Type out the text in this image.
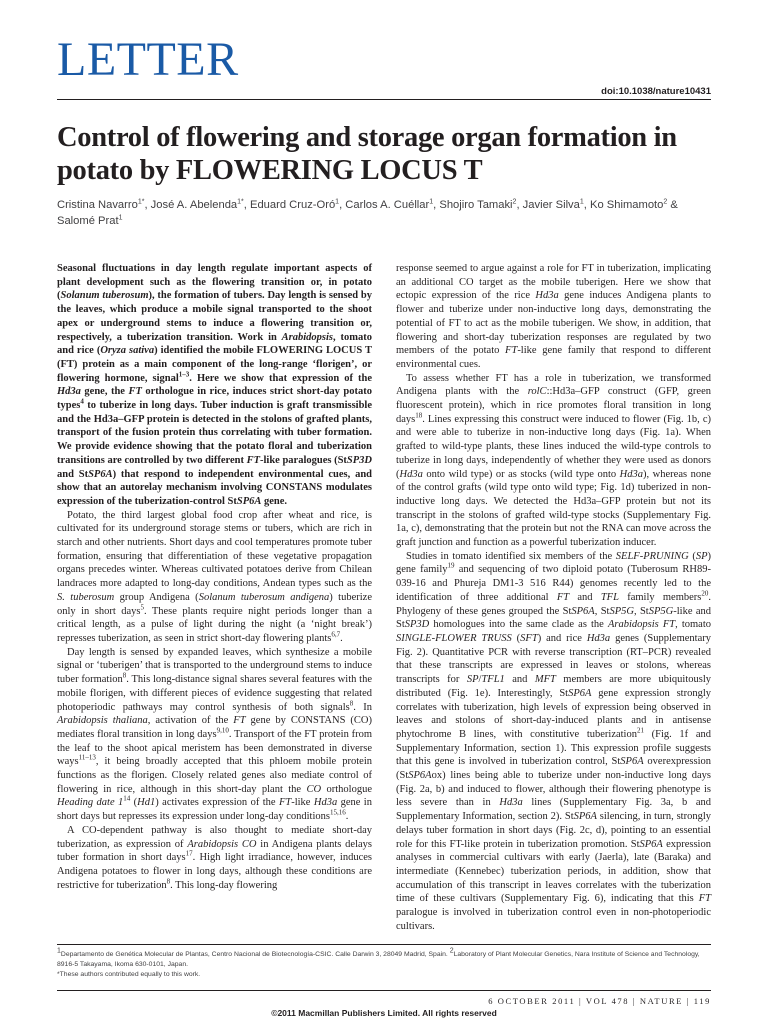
LETTER
doi:10.1038/nature10431
Control of flowering and storage organ formation in potato by FLOWERING LOCUS T
Cristina Navarro$^{1*}$, José A. Abelenda$^{1*}$, Eduard Cruz-Oró$^1$, Carlos A. Cuéllar$^1$, Shojiro Tamaki$^2$, Javier Silva$^1$, Ko Shimamoto$^2$ & Salomé Prat$^1$

Seasonal fluctuations in day length regulate important aspects of plant development such as the flowering transition or, in potato (Solanum tuberosum), the formation of tubers. Day length is sensed by the leaves, which produce a mobile signal transported to the shoot apex or underground stems to induce a flowering transition or, respectively, a tuberization transition. Work in Arabidopsis, tomato and rice (Oryza sativa) identified the mobile FLOWERING LOCUS T (FT) protein as a main component of the long-range ‘florigen’, or flowering hormone, signal$^{1-3}$. Here we show that expression of the Hd3a gene, the FT orthologue in rice, induces strict short-day potato types$^4$ to tuberize in long days. Tuber induction is graft transmissible and the Hd3a–GFP protein is detected in the stolons of grafted plants, transport of the fusion protein thus correlating with tuber formation. We provide evidence showing that the potato floral and tuberization transitions are controlled by two different FT-like paralogues (StSP3D and StSP6A) that respond to independent environmental cues, and show that an autorelay mechanism involving CONSTANS modulates expression of the tuberization-control StSP6A gene.

Potato, the third largest global food crop after wheat and rice, is cultivated for its underground storage stems or tubers, which are rich in starch and other nutrients. Short days and cool temperatures promote tuber formation, ensuring that differentiation of these vegetative propagation organs precedes winter. Whereas cultivated potatoes derive from Chilean landraces more adapted to long-day conditions, Andean types such as the S. tuberosum group Andigena (Solanum tuberosum andigena) tuberize only in short days$^5$. These plants require night periods longer than a critical length, as a pulse of light during the night (a ‘night break’) represses tuberization, as seen in strict short-day flowering plants$^{6,7}$.

Day length is sensed by expanded leaves, which synthesize a mobile signal or ‘tuberigen’ that is transported to the underground stems to induce tuber formation$^8$. This long-distance signal shares several features with the mobile florigen, with different pieces of evidence suggesting that related photoperiodic pathways may control synthesis of both signals$^8$. In Arabidopsis thaliana, activation of the FT gene by CONSTANS (CO) mediates floral transition in long days$^{9,10}$. Transport of the FT protein from the leaf to the shoot apical meristem has been demonstrated in diverse ways$^{11-13}$, it being broadly accepted that this phloem mobile protein functions as the florigen. Closely related genes also mediate control of flowering in rice, although in this short-day plant the CO orthologue Heading date $1^{14}$ (Hd1) activates expression of the FT-like Hd3a gene in short days but represses its expression under long-day conditions$^{15,16}$.

A CO-dependent pathway is also thought to mediate short-day tuberization, as expression of Arabidopsis CO in Andigena plants delays tuber formation in short days$^{17}$. High light irradiance, however, induces Andigena potatoes to flower in long days, although these conditions are restrictive for tuberization$^8$. This long-day flowering

response seemed to argue against a role for FT in tuberization, implicating an additional CO target as the mobile tuberigen. Here we show that ectopic expression of the rice Hd3a gene induces Andigena plants to flower and tuberize under non-inductive long days, demonstrating the potential of FT to act as the mobile tuberigen. We show, in addition, that flowering and short-day tuberization responses are regulated by two members of the potato FT-like gene family that respond to different environmental cues.

To assess whether FT has a role in tuberization, we transformed Andigena plants with the rolC::Hd3a–GFP construct (GFP, green fluorescent protein), which in rice promotes floral transition in long days$^{18}$. Lines expressing this construct were induced to flower (Fig. 1b, c) and were able to tuberize in non-inductive long days (Fig. 1a). When grafted to wild-type plants, these lines induced the wild-type controls to tuberize in long days, independently of whether they were used as donors (Hd3a onto wild type) or as stocks (wild type onto Hd3a), whereas none of the control grafts (wild type onto wild type; Fig. 1d) tuberized in non-inductive long days. We detected the Hd3a–GFP protein but not its transcript in the stolons of grafted wild-type stocks (Supplementary Fig. 1a, c), demonstrating that the protein but not the RNA can move across the graft junction and function as a powerful tuberization inducer.

Studies in tomato identified six members of the SELF-PRUNING (SP) gene family$^{19}$ and sequencing of two diploid potato (Tuberosum RH89-039-16 and Phureja DM1-3 516 R44) genomes recently led to the identification of three additional FT and TFL family members$^{20}$. Phylogeny of these genes grouped the StSP6A, StSP5G, StSP5G-like and StSP3D homologues into the same clade as the Arabidopsis FT, tomato SINGLE-FLOWER TRUSS (SFT) and rice Hd3a genes (Supplementary Fig. 2). Quantitative PCR with reverse transcription (RT–PCR) revealed that these transcripts are expressed in leaves or stolons, whereas transcripts for SP/TFL1 and MFT members are more ubiquitously distributed (Fig. 1e). Interestingly, StSP6A gene expression strongly correlates with tuberization, high levels of expression being observed in leaves and stolons of short-day-induced plants and in antisense phytochrome B lines, with constitutive tuberization$^{21}$ (Fig. 1f and Supplementary Information, section 1). This expression profile suggests that this gene is involved in tuberization control, StSP6A overexpression (StSP6Aox) lines being able to tuberize under non-inductive long days (Fig. 2a, b) and induced to flower, although their flowering phenotype is less severe than in Hd3a lines (Supplementary Fig. 3a, b and Supplementary Information, section 2). StSP6A silencing, in turn, strongly delays tuber formation in short days (Fig. 2c, d), pointing to an essential role for this FT-like protein in tuberization promotion. StSP6A expression analyses in commercial cultivars with early (Jaerla), late (Baraka) and intermediate (Kennebec) tuberization periods, in addition, show that accumulation of this transcript in leaves correlates with the tuberization time of these cultivars (Supplementary Fig. 6), indicating that this FT paralogue is involved in tuberization control even in non-photoperiodic cultivars.

$^1$Departamento de Genética Molecular de Plantas, Centro Nacional de Biotecnología-CSIC. Calle Darwin 3, 28049 Madrid, Spain. $^2$Laboratory of Plant Molecular Genetics, Nara Institute of Science and Technology, 8916-5 Takayama, Ikoma 630-0101, Japan.
*These authors contributed equally to this work.
6 OCTOBER 2011 | VOL 478 | NATURE | 119
©2011 Macmillan Publishers Limited. All rights reserved
